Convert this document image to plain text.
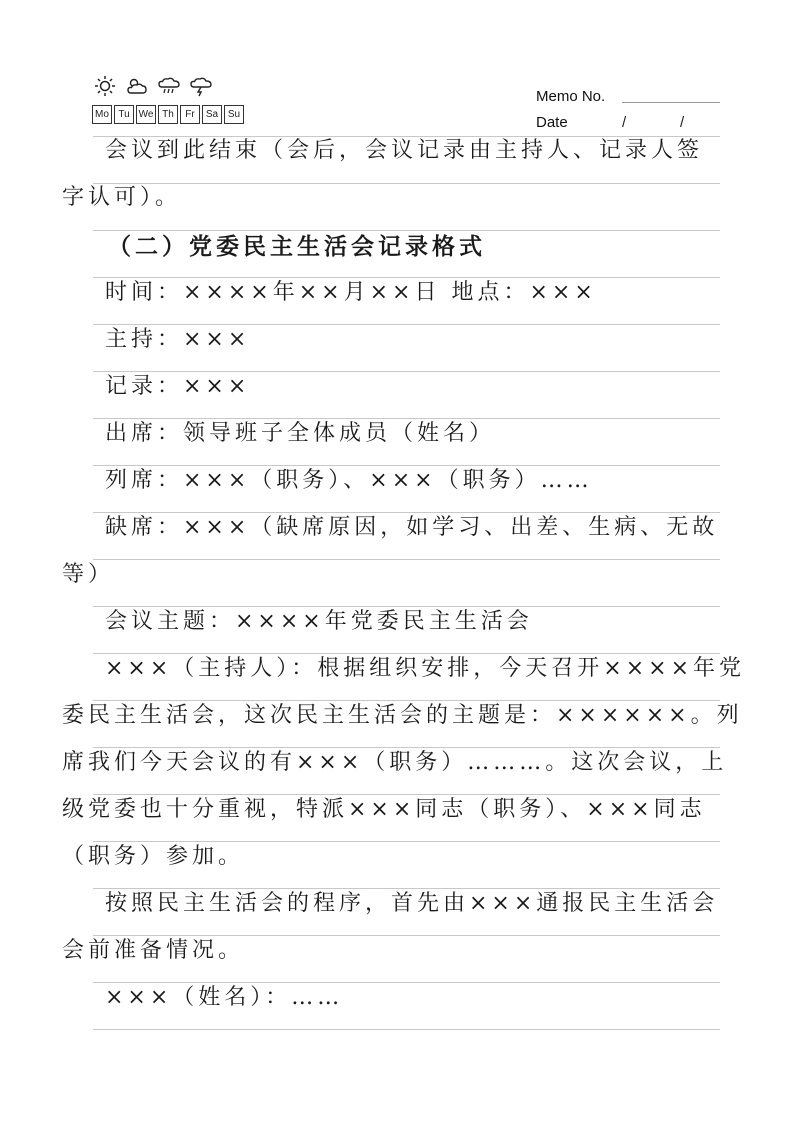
Mo Tu We Th	Fr	Sa Su
Memo No.
Date	/	/
会议到此结束（会后，会议记录由主持人、记录人签
字认可）。
（二）党委民主生活会记录格式
时间：××××年××月××日 地点：×××
主持：×××
记录：×××
出席：领导班子全体成员（姓名）
列席：×××（职务）、×××（职务）……
缺席：×××（缺席原因，如学习、出差、生病、无故
等）
会议主题：××××年党委民主生活会
×××（主持人）：根据组织安排，今天召开××××年党
委民主生活会，这次民主生活会的主题是：××××××。列
席我们今天会议的有×××（职务）………。这次会议，上
级党委也十分重视，特派×××同志（职务）、×××同志
（职务）参加。
按照民主生活会的程序，首先由×××通报民主生活会
会前准备情况。
×××（姓名）：……
